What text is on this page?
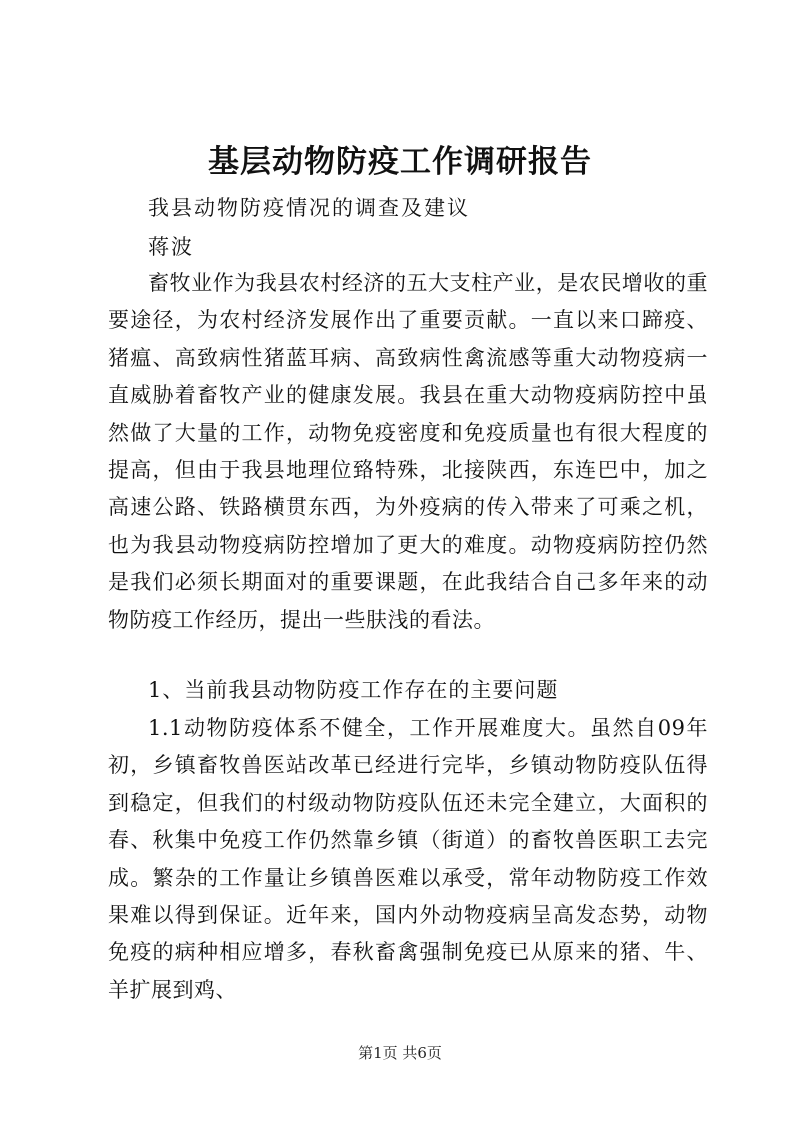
基层动物防疫工作调研报告
我县动物防疫情况的调查及建议
蒋波

畜牧业作为我县农村经济的五大支柱产业，是农民增收的重要途径，为农村经济发展作出了重要贡献。一直以来口蹄疫、猪瘟、高致病性猪蓝耳病、高致病性禽流感等重大动物疫病一直威胁着畜牧产业的健康发展。我县在重大动物疫病防控中虽然做了大量的工作，动物免疫密度和免疫质量也有很大程度的提高，但由于我县地理位臵特殊，北接陕西，东连巴中，加之高速公路、铁路横贯东西，为外疫病的传入带来了可乘之机，也为我县动物疫病防控增加了更大的难度。动物疫病防控仍然是我们必须长期面对的重要课题，在此我结合自己多年来的动物防疫工作经历，提出一些肤浅的看法。

1、当前我县动物防疫工作存在的主要问题

1.1动物防疫体系不健全，工作开展难度大。虽然自09年初，乡镇畜牧兽医站改革已经进行完毕，乡镇动物防疫队伍得到稳定，但我们的村级动物防疫队伍还未完全建立，大面积的春、秋集中免疫工作仍然靠乡镇（街道）的畜牧兽医职工去完成。繁杂的工作量让乡镇兽医难以承受，常年动物防疫工作效果难以得到保证。近年来，国内外动物疫病呈高发态势，动物免疫的病种相应增多，春秋畜禽强制免疫已从原来的猪、牛、羊扩展到鸡、

第1页 共6页
